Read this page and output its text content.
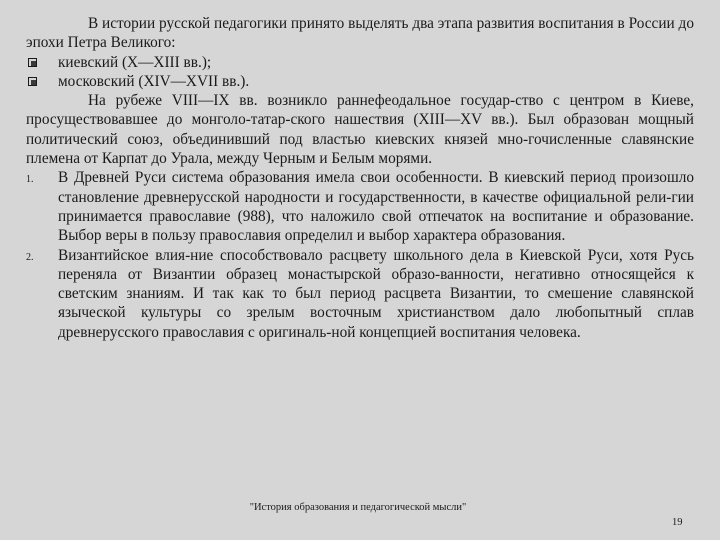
В истории русской педагогики принято выделять два этапа развития воспитания в России до эпохи Петра Великого:

киевский (X—XIII вв.);

московский (XIV—XVII вв.).

На рубеже VIII—IX вв. возникло раннефеодальное государ-ство с центром в Киеве, просуществовавшее до монголо-татар-ского нашествия (XIII—XV вв.). Был образован мощный политический союз, объединивший под властью киевских князей мно-гочисленные славянские племена от Карпат до Урала, между Черным и Белым морями.

1. В Древней Руси система образования имела свои особенности. В киевский период произошло становление древнерусской народности и государственности, в качестве официальной рели-гии принимается православие (988), что наложило свой отпечаток на воспитание и образование. Выбор веры в пользу православия определил и выбор характера образования.

2. Византийское влия-ние способствовало расцвету школьного дела в Киевской Руси, хотя Русь переняла от Византии образец монастырской образо-ванности, негативно относящейся к светским знаниям. И так как то был период расцвета Византии, то смешение славянской языческой культуры со зрелым восточным христианством дало любопытный сплав древнерусского православия с оригиналь-ной концепцией воспитания человека.

"История образования и педагогической мысли"
19
